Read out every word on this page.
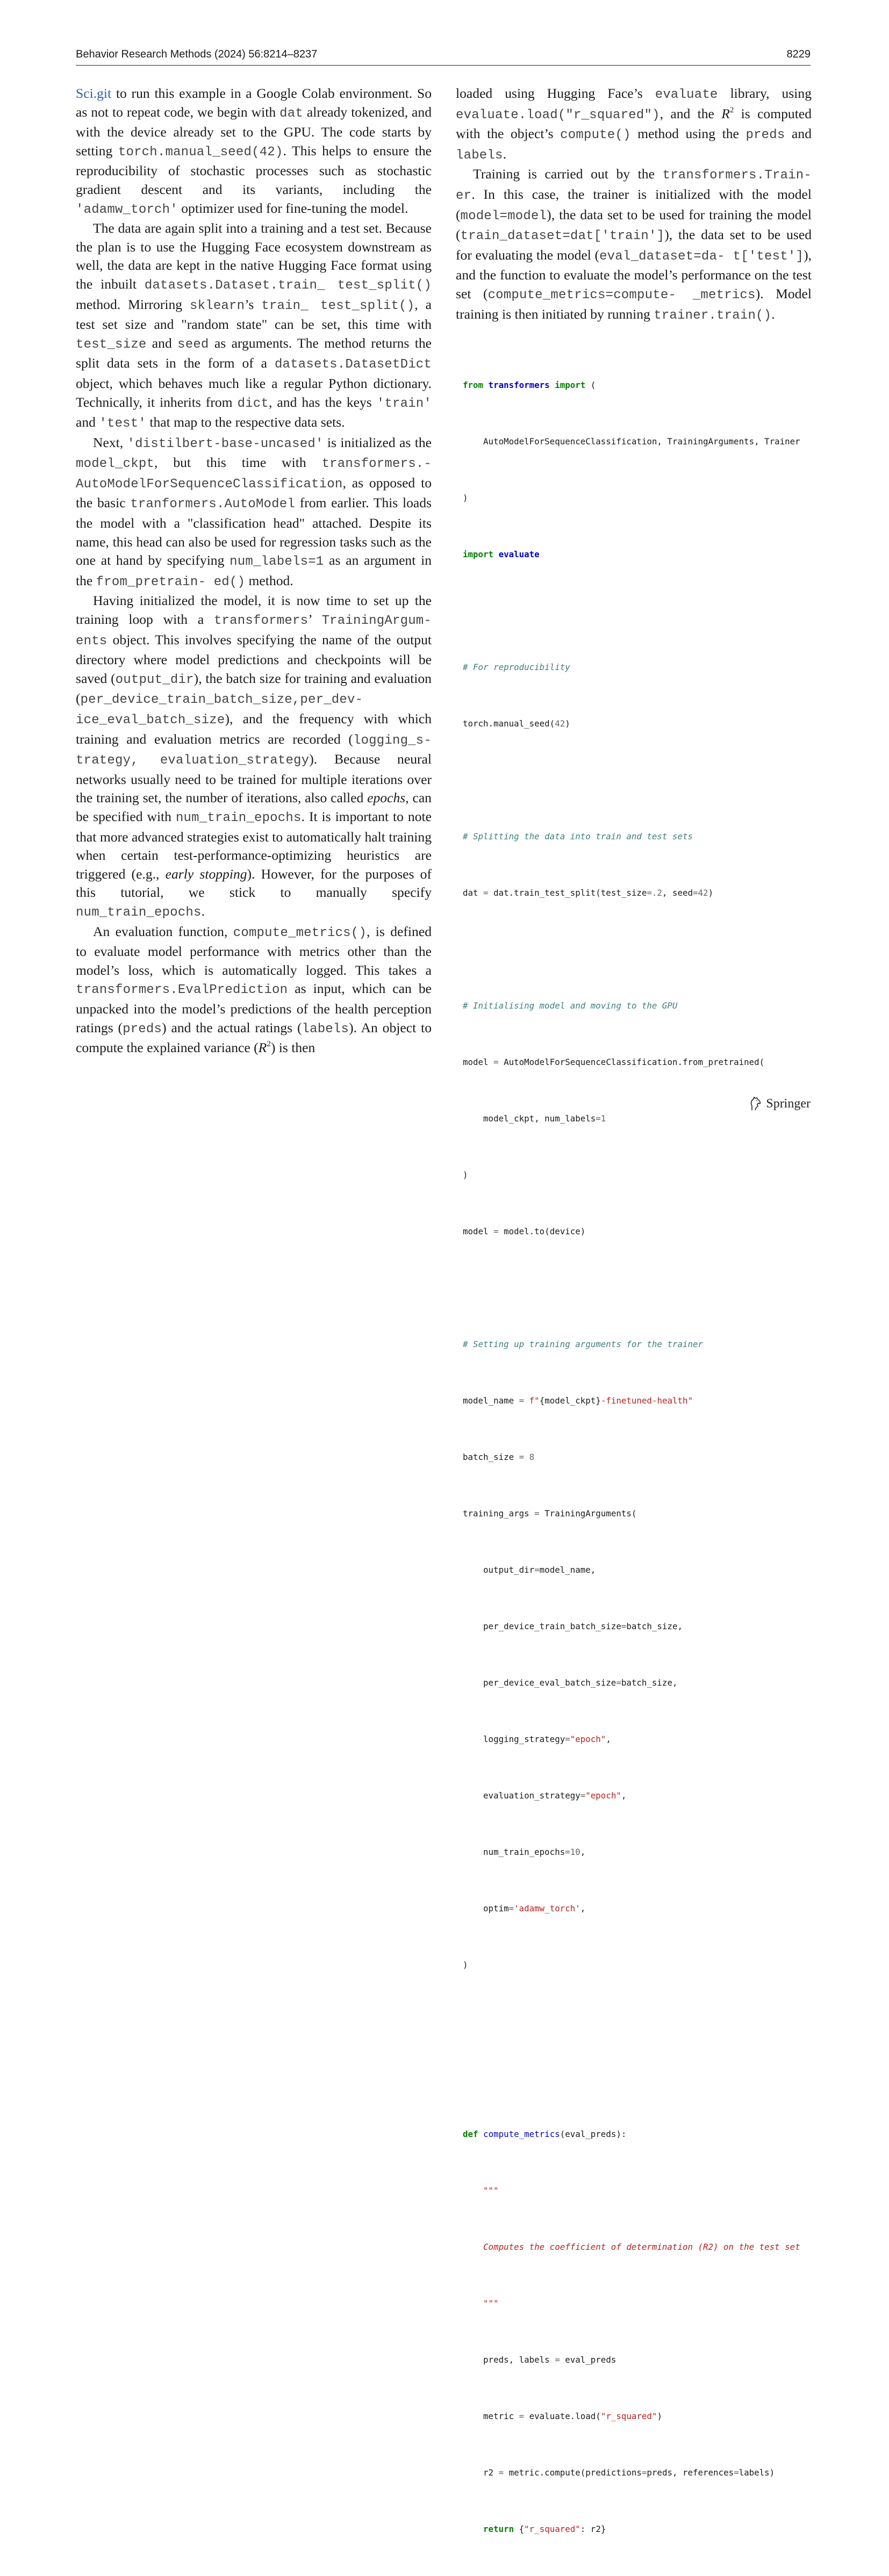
Behavior Research Methods (2024) 56:8214–8237	8229

Sci.git to run this example in a Google Colab environment. So as not to repeat code, we begin with dat already tokenized, and with the device already set to the GPU. The code starts by setting torch.manual_seed(42). This helps to ensure the reproducibility of stochastic processes such as stochastic gradient descent and its variants, including the 'adamw_torch' optimizer used for fine-tuning the model.

The data are again split into a training and a test set. Because the plan is to use the Hugging Face ecosystem downstream as well, the data are kept in the native Hugging Face format using the inbuilt datasets.Dataset.train_ test_split() method. Mirroring sklearn’s train_ test_split(), a test set size and "random state" can be set, this time with test_size and seed as arguments. The method returns the split data sets in the form of a datasets.DatasetDict object, which behaves much like a regular Python dictionary. Technically, it inherits from dict, and has the keys 'train' and 'test' that map to the respective data sets.

Next, 'distilbert-base-uncased' is initialized as the model_ckpt, but this time with transformers.- AutoModelForSequenceClassification, as opposed to the basic tranformers.AutoModel from earlier. This loads the model with a "classification head" attached. Despite its name, this head can also be used for regression tasks such as the one at hand by specifying num_labels=1 as an argument in the from_pretrain- ed() method.

Having initialized the model, it is now time to set up the training loop with a transformers’ TrainingArgum- ents object. This involves specifying the name of the output directory where model predictions and checkpoints will be saved (output_dir), the batch size for training and evaluation (per_device_train_batch_size,per_dev- ice_eval_batch_size), and the frequency with which training and evaluation metrics are recorded (logging_s- trategy, evaluation_strategy). Because neural networks usually need to be trained for multiple iterations over the training set, the number of iterations, also called epochs, can be specified with num_train_epochs. It is important to note that more advanced strategies exist to automatically halt training when certain test-performance-optimizing heuristics are triggered (e.g., early stopping). However, for the purposes of this tutorial, we stick to manually specify num_train_epochs.

An evaluation function, compute_metrics(), is defined to evaluate model performance with metrics other than the model’s loss, which is automatically logged. This takes a transformers.EvalPrediction as input, which can be unpacked into the model’s predictions of the health perception ratings (preds) and the actual ratings (labels). An object to compute the explained variance $(R^2)$ is then

loaded using Hugging Face’s evaluate library, using evaluate.load("r_squared"), and the $R^2$ is computed with the object’s compute() method using the preds and labels.

Training is carried out by the transformers.Train- er. In this case, the trainer is initialized with the model (model=model), the data set to be used for training the model (train_dataset=dat['train']), the data set to be used for evaluating the model (eval_dataset=da- t['test']), and the function to evaluate the model’s performance on the test set (compute_metrics=compute- _metrics). Model training is then initiated by running trainer.train().

from transformers import (

AutoModelForSequenceClassification, TrainingArguments, Trainer

)

import evaluate

# For reproducibility

torch.manual_seed(42)

# Splitting the data into train and test sets

dat = dat.train_test_split(test_size=.2, seed=42)

# Initialising model and moving to the GPU

model = AutoModelForSequenceClassification.from_pretrained(

model_ckpt, num_labels=1

)

model = model.to(device)

# Setting up training arguments for the trainer

model_name = f"{model_ckpt}-finetuned-health"

batch_size = 8

training_args = TrainingArguments(

output_dir=model_name,

per_device_train_batch_size=batch_size,

per_device_eval_batch_size=batch_size,

logging_strategy="epoch",

evaluation_strategy="epoch",

num_train_epochs=10,

optim='adamw_torch',

)

def compute_metrics(eval_preds):

"""

Computes the coefficient of determination (R2) on the test set

"""

preds, labels = eval_preds

metric = evaluate.load("r_squared")

r2 = metric.compute(predictions=preds, references=labels)

return {"r_squared": r2}

Springer
